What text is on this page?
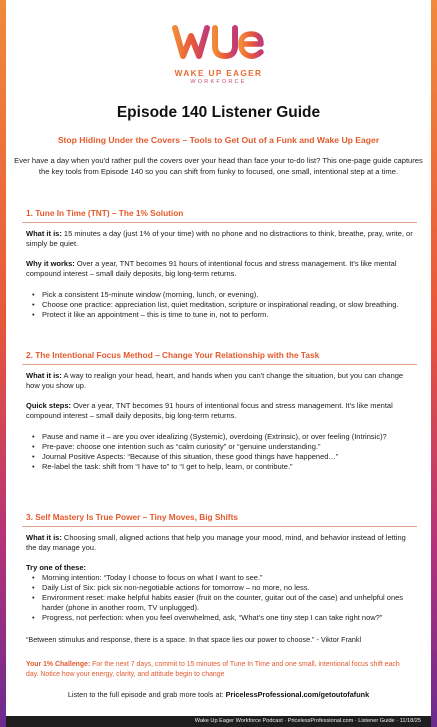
WAKE UP EAGER
WORKFORCE
Episode 140 Listener Guide
Stop Hiding Under the Covers – Tools to Get Out of a Funk and Wake Up Eager

Ever have a day when you'd rather pull the covers over your head than face your to-do list? This one-page guide captures the key tools from Episode 140 so you can shift from funky to focused, one small, intentional step at a time.

1. Tune In Time (TNT) – The 1% Solution

What it is: 15 minutes a day (just 1% of your time) with no phone and no distractions to think, breathe, pray, write, or simply be quiet.

Why it works: Over a year, TNT becomes 91 hours of intentional focus and stress management. It's like mental compound interest – small daily deposits, big long-term returns.

• Pick a consistent 15-minute window (morning, lunch, or evening).
• Choose one practice: appreciation list, quiet meditation, scripture or inspirational reading, or slow breathing.
• Protect it like an appointment – this is time to tune in, not to perform.
2. The Intentional Focus Method – Change Your Relationship with the Task

What it is: A way to realign your head, heart, and hands when you can't change the situation, but you can change how you show up.

Quick steps: Over a year, TNT becomes 91 hours of intentional focus and stress management. It's like mental compound interest – small daily deposits, big long-term returns.

• Pause and name it – are you over idealizing (Systemic), overdoing (Extrinsic), or over feeling (Intrinsic)?
• Pre-pave: choose one intention such as “calm curiosity” or “genuine understanding.”
• Journal Positive Aspects: “Because of this situation, these good things have happened…”
• Re-label the task: shift from “I have to” to “I get to help, learn, or contribute.”
3. Self Mastery Is True Power – Tiny Moves, Big Shifts

What it is: Choosing small, aligned actions that help you manage your mood, mind, and behavior instead of letting the day manage you.

Try one of these:

• Morning intention: “Today I choose to focus on what I want to see.”
• Daily List of Six: pick six non-negotiable actions for tomorrow – no more, no less.
• Environment reset: make helpful habits easier (fruit on the counter, guitar out of the case) and unhelpful ones harder (phone in another room, TV unplugged).
• Progress, not perfection: when you feel overwhelmed, ask, “What's one tiny step I can take right now?”

“Between stimulus and response, there is a space. In that space lies our power to choose.” - Viktor Frankl

Your 1% Challenge: For the next 7 days, commit to 15 minutes of Tune In Time and one small, intentional focus shift each day. Notice how your energy, clarity, and attitude begin to change

Listen to the full episode and grab more tools at: PricelessProfessional.com/getoutofafunk

Wake Up Eager Workforce Podcast · PricelessProfessional.com · Listener Guide · 11/18/25
